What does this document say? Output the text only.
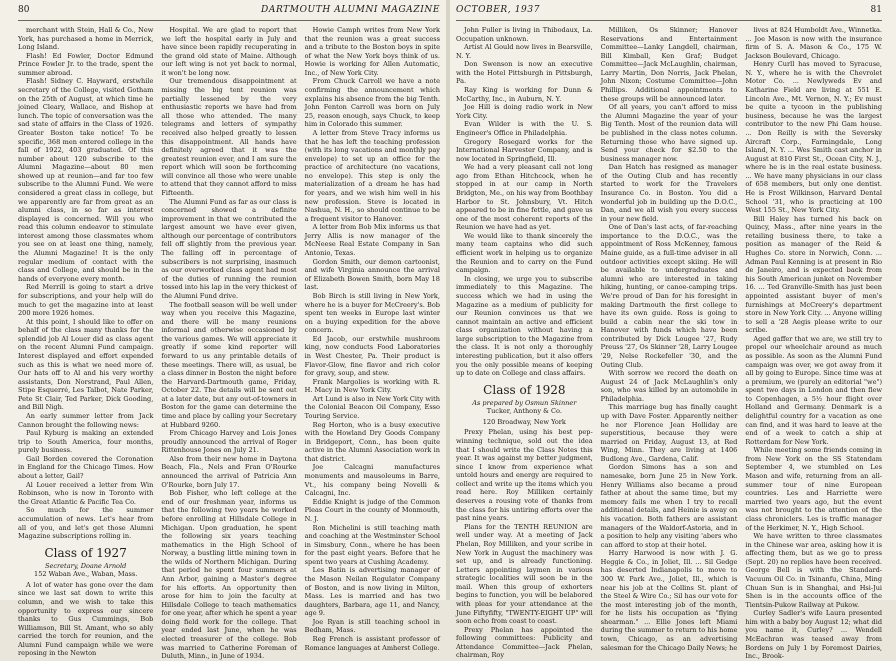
80	DARTMOUTH ALUMNI MAGAZINE

merchant with Stein, Hall & Co., New York, has purchased a home in Merrick, Long Island.

Flash! Ed Fowler, Doctor Edmund Prince Fowler Jr. to the trade, spent the summer abroad.

Flash! Sidney C. Hayward, erstwhile secretary of the College, visited Gotham on the 25th of August, at which time he joined Cleary, Wallace, and Bishop at lunch. The topic of conversation was the sad state of affairs in the Class of 1926. Greater Boston take notice! To be specific, 368 men entered college in the fall of 1922, 403 graduated. Of this number about 120 subscribe to the Alumni Magazine—about 80 men showed up at reunion—and far too few subscribe to the Alumni Fund. We were considered a great class in college, but we apparently are far from great as an alumni class, in so far as interest displayed is concerned. Will you who read this column endeavor to stimulate interest among those classmates whom you see on at least one thing, namely, the Alumni Magazine! It is the only regular medium of contact with the class and College, and should be in the hands of everyone every month.

Red Merrill is going to start a drive for subscriptions, and your help will do much to get the magazine into at least 200 more 1926 homes.

At this point, I should like to offer on behalf of the class many thanks for the splendid job Al Louer did as class agent on the recent Alumni Fund campaign. Interest displayed and effort expended such as this is what we need more of. Our hats off to Al and his very worthy assistants, Don Norstrand, Paul Allen, Stipe Esquerré, Les Talbot, Nate Parker, Pete St Clair, Ted Parker, Dick Gooding, and Bill Nigh.

An early summer letter from Jack Cannon brought the following news:

Paul Kyburg is making an extended trip to South America, four months, purely business.

Gail Borden covered the Coronation in England for the Chicago Times. How about a letter, Gail?

Al Louer received a letter from Win Robinson, who is now in Toronto with the Great Atlantic & Pacific Tea Co.

So much for the summer accumulation of news. Let's hear from all of you, and let's get those Alumni Magazine subscriptions rolling in.

Class of 1927

Secretary, Doane Arnold

152 Waban Ave., Waban, Mass.

A lot of water has gone over the dam since we last sat down to write this column, and we wish to take this opportunity to express our sincere thanks to Gus Cummings, Bob Williamson, Bill St. Amant, who so ably carried the torch for reunion, and the Alumni Fund campaign while we were reposing in the Newton

Hospital. We are glad to report that we left the hospital early in July and have since been rapidly recuperating in the grand old state of Maine. Although our left wing is not yet back to normal, it won't be long now.

Our tremendous disappointment at missing the big tent reunion was partially lessened by the very enthusiastic reports we have had from all those who attended. The many telegrams and letters of sympathy received also helped greatly to lessen this disappointment. All hands have definitely agreed that it was the greatest reunion ever, and I am sure the report which will soon be forthcoming will convince all those who were unable to attend that they cannot afford to miss Fifteenth.

The Alumni Fund as far as our class is concerned showed a definite improvement in that we contributed the largest amount we have ever given, although our percentage of contributors fell off slightly from the previous year. The falling off in percentage of subscribers is not surprising, inasmuch as our overworked class agent had most of the duties of running the reunion tossed into his lap in the very thickest of the Alumni Fund drive.

The football season will be well under way when you receive this Magazine, and there will be many reunions informal and otherwise occasioned by the various games. We will appreciate it greatly if some kind reporter will forward to us any printable details of these meetings. There will, as usual, be a class dinner in Boston the night before the Harvard-Dartmouth game, Friday, October 22. The details will be sent out at a later date, but any out-of-towners in Boston for the game can determine the time and place by calling your Secretary at Hubbard 9260.

From Chicago Harvey and Lois Jones proudly announced the arrival of Roger Rittenhouse Jones on July 21.

Also from their new home in Daytona Beach, Fla., Nels and Fran O'Rourke announced the arrival of Patricia Ann O'Rourke, born July 17.

Bob Fisher, who left college at the end of our freshman year, informs us that the following two years he worked before enrolling at Hillsdale College in Michigan. Upon graduation, he spent the following six years teaching mathematics in the High School of Norway, a bustling little mining town in the wilds of Northern Michigan. During that period he spent four summers at Ann Arbor, gaining a Master's degree for his efforts. An opportunity then arose for him to join the faculty at Hillsdale College to teach mathematics for one year, after which he spent a year doing field work for the college. That year ended last June, when he was elected treasurer of the college. Bob was married to Catherine Foreman of Duluth, Minn., in June of 1934.

Howie Camph writes from New York that the reunion was a great success and a tribute to the Boston boys in spite of what the New York boys think of us. Howie is working for Allen Automatic, Inc., of New York City.

From Chuck Carroll we have a note confirming the announcement which explains his absence from the big Tenth. John Fenton Carroll was born on July 25, reason enough, says Chuck, to keep him in Colorado this summer.

A letter from Steve Tracy informs us that he has left the teaching profession (with its long vacations and monthly pay envelope) to set up an office for the practice of architecture (no vacations, no envelope). This step is only the materialization of a dream he has had for years, and we wish him well in his new profession. Steve is located in Nashua, N. H., so should continue to be a frequent visitor to Hanover.

A letter from Bob Mix informs us that Jerry Allis is now manager of the McNeese Real Estate Company in San Antonio, Texas.

Gordon Smith, our demon cartoonist, and wife Virginia announce the arrival of Elizabeth Bowen Smith, born May 18 last.

Bob Birch is still living in New York, where he is a buyer for McCreery's. Bob spent ten weeks in Europe last winter on a buying expedition for the above concern.

Ed Jacob, our erstwhile mushroom king, now conducts Food Laboratories in West Chester, Pa. Their product is Flavor-Glow, fine flavor and rich color for gravy, soup, and stew.

Frank Margolies is working with R. H. Macy in New York City.

Art Lund is also in New York City with the Colonial Beacon Oil Company, Esso Touring Service.

Reg Horton, who is a busy executive with the Howland Dry Goods Company in Bridgeport, Conn., has been quite active in the Alumni Association work in that district.

Joe Calcagni manufactures monuments and mausoleums in Barre, Vt., his company being Novelli & Calcagni, Inc.

Eddie Knight is judge of the Common Pleas Court in the county of Monmouth, N. J.

Ron Michelini is still teaching math and coaching at the Westminster School in Simsbury, Conn., where he has been for the past eight years. Before that he spent two years at Cushing Academy.

Les Batin is advertising manager of the Mason Neilan Regulator Company of Boston, and is now living in Milton, Mass. Les is married and has two daughters, Barbara, age 11, and Nancy, age 9.

Joe Ryan is still teaching school in Bedham, Mass.

Reg French is assistant professor of Romance languages at Amherst College.

OCTOBER, 1937	81

John Fuller is living in Thibodaux, La. Occupation unknown.

Artist Al Gould now lives in Bearsville, N. Y.

Don Swenson is now an executive with the Hotel Pittsburgh in Pittsburgh, Pa.

Ray King is working for Dunn & McCarthy, Inc., in Auburn, N. Y.

Joe Hill is doing radio work in New York City.

Evan Wilder is with the U. S. Engineer's Office in Philadelphia.

Gregory Rosegard works for the International Harvester Company, and is now located in Springfield, Ill.

We had a very pleasant call not long ago from Ethan Hitchcock, when he stopped in at our camp in North Bridgton, Me., on his way from Boothbay Harbor to St. Johnsbury, Vt. Hitch appeared to be in fine fettle, and gave us one of the most coherent reports of the Reunion we have had as yet.

We would like to thank sincerely the many team captains who did such efficient work in helping us to organize the Reunion and to carry on the Fund campaign.

In closing, we urge you to subscribe immediately to this Magazine. The success which we had in using the Magazine as a medium of publicity for our Reunion convinces us that we cannot maintain an active and efficient class organization without having a large subscription to the Magazine from the class. It is not only a thoroughly interesting publication, but it also offers you the only possible means of keeping up to date on College and class affairs.

Class of 1928

As prepared by Osmun Skinner

Tucker, Anthony & Co.

120 Broadway, New York

Prexy Phelan, using his best pep-winning technique, sold out the idea that I should write the Class Notes this year. It was against my better judgment, since I know from experience what untold hours and energy are required to collect and write up the items which you read here. Roy Milliken certainly deserves a rousing vote of thanks from the class for his untiring efforts over the past nine years.

Plans for the TENTH REUNION are well under way. At a meeting of Jack Phelan, Roy Milliken, and your scribe in New York in August the machinery was set up, and is already functioning. Letters appointing laymen in various strategic localities will soon be in the mail. When this group of exhorters begins to function, you will be belabored with pleas for your attendance at the June Fiftyfifty, "TWENTY-EIGHT UP" will soon echo from coast to coast.

Prexy Phelan has appointed the following committees: Publicity and Attendance Committee—Jack Phelan, chairman, Roy

Milliken, Os Skinner; Hanover Reservations and Entertainment Committee—Lanky Langdell, chairman, Bill Kimball, Ken Graf; Budget Committee—Jack McLaughlin, chairman, Larry Martin, Don Norris, Jack Phelan, John Nixon; Costume Committee—John Phillips. Additional appointments to these groups will be announced later.

Of all years, you can't afford to miss the Alumni Magazine the year of your Big Tenth. Most of the reunion data will be published in the class notes column. Returning those who have signed up. Send your check for $2.50 to the business manager now.

Dan Hatch has resigned as manager of the Outing Club and has recently started to work for the Travelers Insurance Co. in Boston. You did a wonderful job in building up the D.O.C., Dan, and we all wish you every success in your new field.

One of Dan's last acts, of far-reaching importance to the D.O.C., was the appointment of Ross McKenney, famous Maine guide, as a full-time adviser in all outdoor activities except skiing. He will be available to undergraduates and alumni who are interested in taking hiking, hunting, or canoe-camping trips. We're proud of Dan for his foresight in making Dartmouth the first college to have its own guide. Ross is going to build a cabin near the ski tow in Hanover with funds which have been contributed by Dick Lougee '27, Rudy Preuss '27, Os Skinner '28, Larry Lougee '29, Nelse Rockefeller '30, and the Outing Club.

With sorrow we record the death on August 24 of Jack McLaughlin's only son, who was killed by an automobile in Philadelphia.

This marriage bug has finally caught up with Dave Foster. Apparently neither he nor Florence Jean Holliday are superstitious, because they were married on Friday, August 13, at Red Wing, Minn. They are living at 1406 Budlong Ave., Gardena, Calif.

Gordon Simons has a son and namesake, born June 25 in New York. Henry Williams also became a proud father at about the same time, but my memory fails me when I try to recall additional details, and Heinie is away on his vacation. Both fathers are assistant managers of the Waldorf-Astoria, and in a position to help any visiting 'abers who can afford to stop at their hotel.

Harry Harwood is now with J. G. Heggie & Co., in Joliet, Ill. ... Sil Gedge has deserted Indianapolis to move to 300 W. Park Ave., Joliet, Ill., which is near his job at the Collins St. plant of the Steel & Wire Co.; Sil has our vote for the most interesting job of the month, for he lists his occupation as "flying shearman." ... Ellie Jones left Miami during the summer to return to his home town, Chicago, as an advertising salesman for the Chicago Daily News; he

lives at 824 Humboldt Ave., Winnetka. ... Joe Mason is now with the insurance firm of S. A. Mason & Co., 175 W. Jackson Boulevard, Chicago.

Henry Curll has moved to Syracuse, N. Y., where he is with the Chevrolet Motor Co. ... Newlyweds Ev and Katharine Field are living at 551 E. Lincoln Ave., Mt. Vernon, N. Y.; Ev must be quite a tycoon in the publishing business, because he was the largest contributor to the new Phi Gam house. ... Don Reilly is with the Seversky Aircraft Corp., Farmingdale, Long Island, N. Y. ... Wes Smith cast anchor in August at 810 First St., Ocean City, N. J., where he is in the real estate business. ... We have many physicians in our class of 658 members, but only one dentist. He is Frost Wilkinson, Harvard Dental School '31, who is practicing at 100 West 155 St., New York City.

Bill Haley has turned his back on Quincy, Mass., after nine years in the retailing business there, to take a position as manager of the Reid & Hughes Co. store in Norwich, Conn. ... Adman Paul Kenning is at present in Rio de Janeiro, and is expected back from his South American junket on November 16. ... Ted Granville-Smith has just been appointed assistant buyer of men's furnishings at McCreery's department store in New York City. ... Anyone willing to sell a '28 Aegis please write to our scribe.

Aged gaffer that we are, we still try to propel our wheelchair around as much as possible. As soon as the Alumni Fund campaign was over, we got away from it all by going to Europe. Since time was at a premium, we (purely an editorial "we") spent two days in London and then flew to Copenhagen, a 5½ hour flight over Holland and Germany. Denmark is a delightful country for a vacation as one can find, and it was hard to leave at the end of a week to catch a ship at Rotterdam for New York.

While meeting some friends coming in from New York on the SS Statendam September 4, we stumbled on Les Mason and wife, returning from an all-summer tour of nine European countries. Les and Harriette were married two years ago, but the event was not brought to the attention of the class chroniclers. Les is traffic manager of the Herkimer, N. Y., High School.

We have written to three classmates in the Chinese war area, asking how it is affecting them, but as we go to press (Sept. 20) no replies have been received. George Bell is with the Standard-Vacuum Oil Co. in Tsinanfu, China, Ming Chuan Sun is in Shanghai, and Hsi-Jui Shen is in the accounts office of the Tientsin-Pukow Railway at Pukow.

Curley Sadler's wife Laura presented him with a baby boy August 12; what did you name it, Curley? ... Wendell McEachran was teased away from Bordens on July 1 by Foremost Dairies, Inc., Brook-
